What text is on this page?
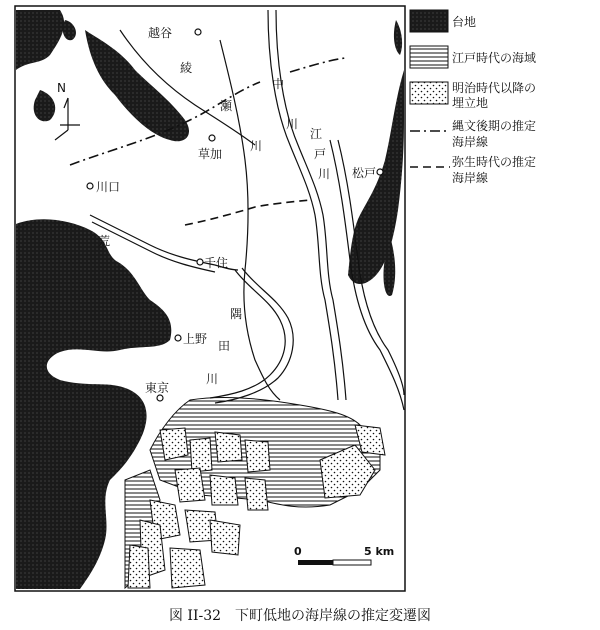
N
越谷
草加
川口
千住
上野
東京
松戸
綾
瀬
川
中
川
江
戸
川
隅
田
川
荒
0	5 km
台地
江戸時代の海域
明治時代以降の
埋立地
縄文後期の推定
海岸線
弥生時代の推定
海岸線
図 II-32　下町低地の海岸線の推定変遷図
